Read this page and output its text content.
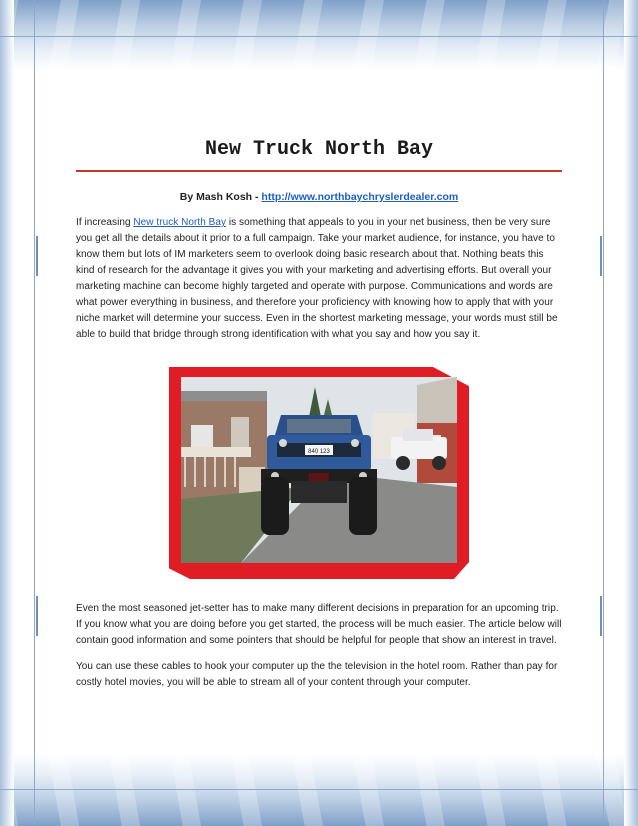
New Truck North Bay
By Mash Kosh - http://www.northbaychryslerdealer.com

If increasing New truck North Bay is something that appeals to you in your net business, then be very sure you get all the details about it prior to a full campaign. Take your market audience, for instance, you have to know them but lots of IM marketers seem to overlook doing basic research about that. Nothing beats this kind of research for the advantage it gives you with your marketing and advertising efforts. But overall your marketing machine can become highly targeted and operate with purpose. Communications and words are what power everything in business, and therefore your proficiency with knowing how to apply that with your niche market will determine your success. Even in the shortest marketing message, your words must still be able to build that bridge through strong identification with what you say and how you say it.

840 123

Even the most seasoned jet-setter has to make many different decisions in preparation for an upcoming trip. If you know what you are doing before you get started, the process will be much easier. The article below will contain good information and some pointers that should be helpful for people that show an interest in travel.

You can use these cables to hook your computer up the the television in the hotel room. Rather than pay for costly hotel movies, you will be able to stream all of your content through your computer.
